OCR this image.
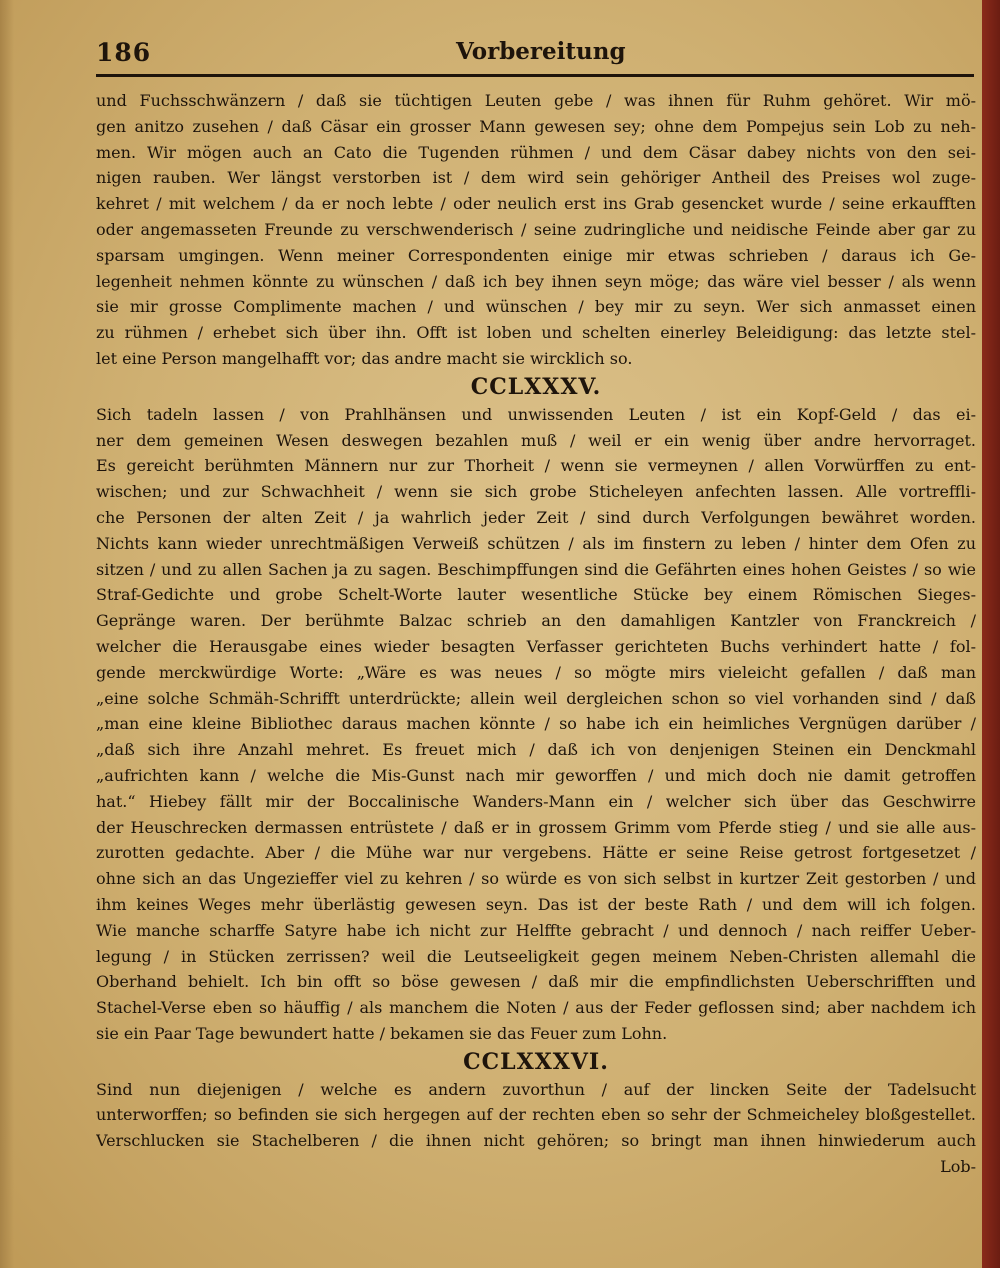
186	Vorbereitung
und Fuchsschwänzern / daß sie tüchtigen Leuten gebe / was ihnen für Ruhm gehöret. Wir mö-
gen anitzo zusehen / daß Cäsar ein grosser Mann gewesen sey; ohne dem Pompejus sein Lob zu neh-
men. Wir mögen auch an Cato die Tugenden rühmen / und dem Cäsar dabey nichts von den sei-
nigen rauben. Wer längst verstorben ist / dem wird sein gehöriger Antheil des Preises wol zuge-
kehret / mit welchem / da er noch lebte / oder neulich erst ins Grab gesencket wurde / seine erkaufften
oder angemasseten Freunde zu verschwenderisch / seine zudringliche und neidische Feinde aber gar zu
sparsam umgingen. Wenn meiner Correspondenten einige mir etwas schrieben / daraus ich Ge-
legenheit nehmen könnte zu wünschen / daß ich bey ihnen seyn möge; das wäre viel besser / als wenn
sie mir grosse Complimente machen / und wünschen / bey mir zu seyn. Wer sich anmasset einen
zu rühmen / erhebet sich über ihn. Offt ist loben und schelten einerley Beleidigung: das letzte stel-
let eine Person mangelhafft vor; das andre macht sie wircklich so.
CCLXXXV.
Sich tadeln lassen / von Prahlhänsen und unwissenden Leuten / ist ein Kopf-Geld / das ei-
ner dem gemeinen Wesen deswegen bezahlen muß / weil er ein wenig über andre hervorraget.
Es gereicht berühmten Männern nur zur Thorheit / wenn sie vermeynen / allen Vorwürffen zu ent-
wischen; und zur Schwachheit / wenn sie sich grobe Sticheleyen anfechten lassen. Alle vortreffli-
che Personen der alten Zeit / ja wahrlich jeder Zeit / sind durch Verfolgungen bewähret worden.
Nichts kann wieder unrechtmäßigen Verweiß schützen / als im finstern zu leben / hinter dem Ofen zu
sitzen / und zu allen Sachen ja zu sagen. Beschimpffungen sind die Gefährten eines hohen Geistes / so wie
Straf-Gedichte und grobe Schelt-Worte lauter wesentliche Stücke bey einem Römischen Sieges-
Gepränge waren. Der berühmte Balzac schrieb an den damahligen Kantzler von Franckreich /
welcher die Herausgabe eines wieder besagten Verfasser gerichteten Buchs verhindert hatte / fol-
gende merckwürdige Worte: „Wäre es was neues / so mögte mirs vieleicht gefallen / daß man
„eine solche Schmäh-Schrifft unterdrückte; allein weil dergleichen schon so viel vorhanden sind / daß
„man eine kleine Bibliothec daraus machen könnte / so habe ich ein heimliches Vergnügen darüber /
„daß sich ihre Anzahl mehret. Es freuet mich / daß ich von denjenigen Steinen ein Denckmahl
„aufrichten kann / welche die Mis-Gunst nach mir geworffen / und mich doch nie damit getroffen
hat.“ Hiebey fällt mir der Boccalinische Wanders-Mann ein / welcher sich über das Geschwirre
der Heuschrecken dermassen entrüstete / daß er in grossem Grimm vom Pferde stieg / und sie alle aus-
zurotten gedachte. Aber / die Mühe war nur vergebens. Hätte er seine Reise getrost fortgesetzet /
ohne sich an das Ungezieffer viel zu kehren / so würde es von sich selbst in kurtzer Zeit gestorben / und
ihm keines Weges mehr überlästig gewesen seyn. Das ist der beste Rath / und dem will ich folgen.
Wie manche scharffe Satyre habe ich nicht zur Helffte gebracht / und dennoch / nach reiffer Ueber-
legung / in Stücken zerrissen? weil die Leutseeligkeit gegen meinem Neben-Christen allemahl die
Oberhand behielt. Ich bin offt so böse gewesen / daß mir die empfindlichsten Ueberschrifften und
Stachel-Verse eben so häuffig / als manchem die Noten / aus der Feder geflossen sind; aber nachdem ich
sie ein Paar Tage bewundert hatte / bekamen sie das Feuer zum Lohn.
CCLXXXVI.
Sind nun diejenigen / welche es andern zuvorthun / auf der lincken Seite der Tadelsucht
unterworffen; so befinden sie sich hergegen auf der rechten eben so sehr der Schmeicheley bloßgestellet.
Verschlucken sie Stachelberen / die ihnen nicht gehören; so bringt man ihnen hinwiederum auch
Lob-
